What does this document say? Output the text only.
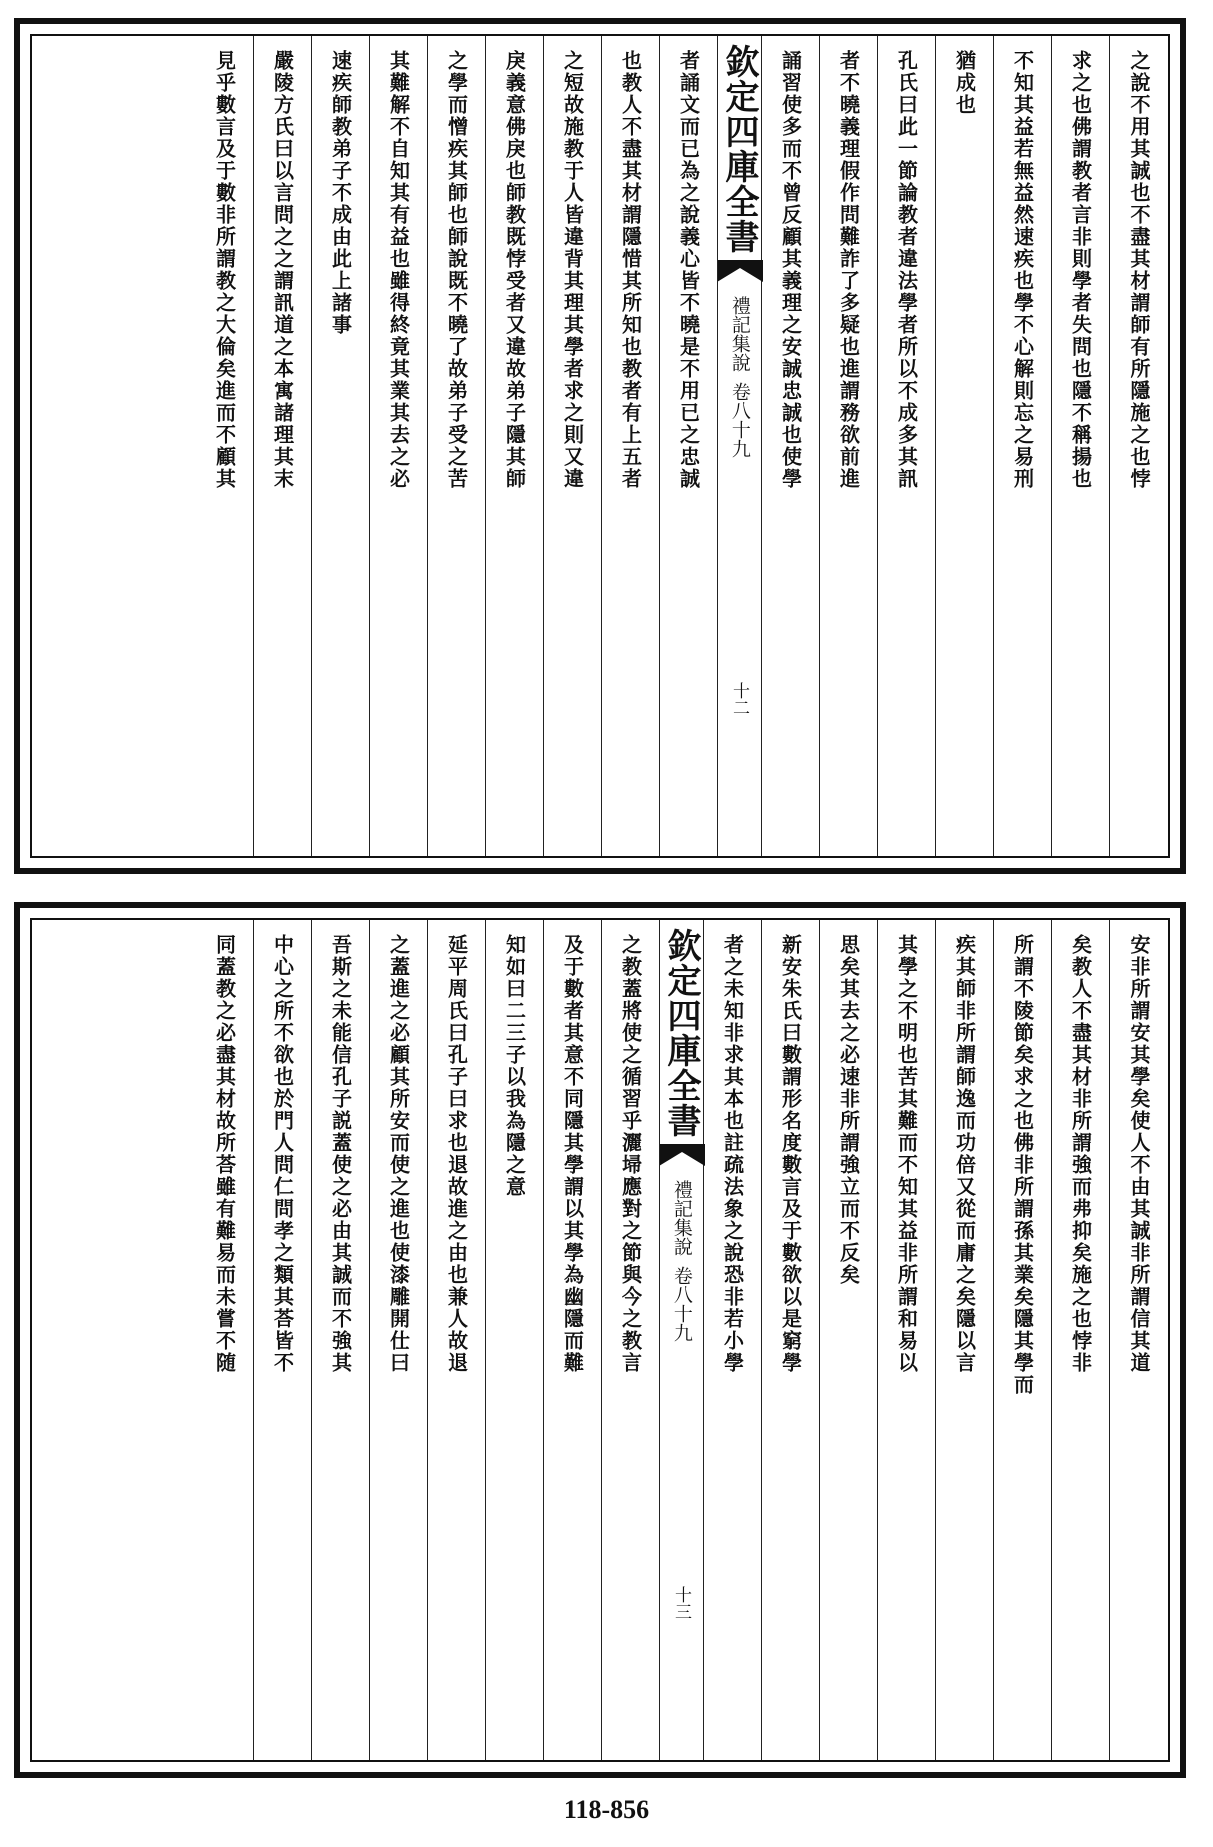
之說不用其誠也不盡其材謂師有所隱施之也悖
求之也佛謂教者言非則學者失問也隱不稱揚也
不知其益若無益然速疾也學不心解則忘之易刑
猶成也
孔氏曰此一節論教者違法學者所以不成多其訊
者不曉義理假作問難詐了多疑也進謂務欲前進
誦習使多而不曾反顧其義理之安誠忠誠也使學
欽定四庫全書
禮記集說
卷八十九
十二
者誦文而已為之說義心皆不曉是不用已之忠誠
也教人不盡其材謂隱惜其所知也教者有上五者
之短故施教于人皆違背其理其學者求之則又違
戾義意佛戾也師教既悖受者又違故弟子隱其師
之學而憎疾其師也師說既不曉了故弟子受之苦
其難解不自知其有益也雖得終竟其業其去之必
速疾師教弟子不成由此上諸事
嚴陵方氏曰以言問之之謂訊道之本寓諸理其末
見乎數言及于數非所謂教之大倫矣進而不顧其
安非所謂安其學矣使人不由其誠非所謂信其道
矣教人不盡其材非所謂強而弗抑矣施之也悖非
所謂不陵節矣求之也佛非所謂孫其業矣隱其學而
疾其師非所謂師逸而功倍又從而庸之矣隱以言
其學之不明也苦其難而不知其益非所謂和易以
思矣其去之必速非所謂強立而不反矣
新安朱氏曰數謂形名度數言及于數欲以是窮學
者之未知非求其本也註疏法象之說恐非若小學
欽定四庫全書
禮記集說
卷八十九
十三
之教蓋將使之循習乎灑埽應對之節與今之教言
及于數者其意不同隱其學謂以其學為幽隱而難
知如曰二三子以我為隱之意
延平周氏曰孔子曰求也退故進之由也兼人故退
之蓋進之必顧其所安而使之進也使漆雕開仕曰
吾斯之未能信孔子説蓋使之必由其誠而不強其
中心之所不欲也於門人問仁問孝之類其荅皆不
同蓋教之必盡其材故所荅雖有難易而未嘗不随
118-856
